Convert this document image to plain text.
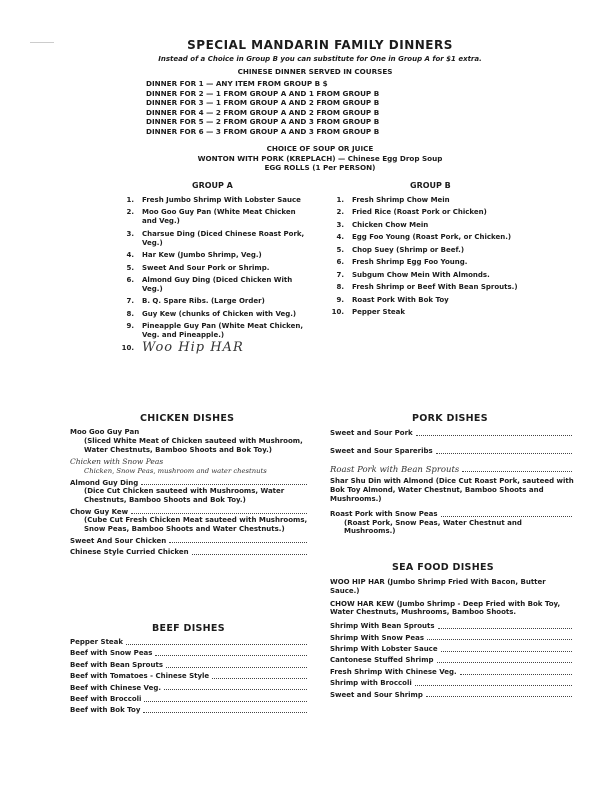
SPECIAL MANDARIN FAMILY DINNERS
Instead of a Choice in Group B you can substitute for One in Group A for $1 extra.
CHINESE DINNER SERVED IN COURSES
DINNER FOR 1 — ANY ITEM FROM GROUP B $
DINNER FOR 2 — 1 FROM GROUP A AND 1 FROM GROUP B
DINNER FOR 3 — 1 FROM GROUP A AND 2 FROM GROUP B
DINNER FOR 4 — 2 FROM GROUP A AND 2 FROM GROUP B
DINNER FOR 5 — 2 FROM GROUP A AND 3 FROM GROUP B
DINNER FOR 6 — 3 FROM GROUP A AND 3 FROM GROUP B
CHOICE OF SOUP OR JUICE
WONTON WITH PORK (KREPLACH) — Chinese Egg Drop Soup
EGG ROLLS (1 Per PERSON)
GROUP A
1.	Fresh Jumbo Shrimp With Lobster Sauce
2.	Moo Goo Guy Pan (White Meat Chicken and Veg.)
3.	Charsue Ding (Diced Chinese Roast Pork, Veg.)
4.	Har Kew (Jumbo Shrimp, Veg.)
5.	Sweet And Sour Pork or Shrimp.
6.	Almond Guy Ding (Diced Chicken With Veg.)
7.	B. Q. Spare Ribs. (Large Order)
8.	Guy Kew (chunks of Chicken with Veg.)
9.	Pineapple Guy Pan (White Meat Chicken, Veg. and Pineapple.)
10. Woo Hip HAR
GROUP B
1.	Fresh Shrimp Chow Mein
2.	Fried Rice (Roast Pork or Chicken)
3.	Chicken Chow Mein
4.	Egg Foo Young (Roast Pork, or Chicken.)
5.	Chop Suey (Shrimp or Beef.)
6.	Fresh Shrimp Egg Foo Young.
7.	Subgum Chow Mein With Almonds.
8.	Fresh Shrimp or Beef With Bean Sprouts.)
9.	Roast Pork With Bok Toy
10.	Pepper Steak
CHICKEN DISHES
Moo Goo Guy Pan
(Sliced White Meat of Chicken sauteed with Mushroom, Water Chestnuts, Bamboo Shoots and Bok Toy.)
Chicken with Snow Peas
Chicken, Snow Peas, mushroom and water chestnuts
Almond Guy Ding
(Dice Cut Chicken sauteed with Mushrooms, Water Chestnuts, Bamboo Shoots and Bok Toy.)
Chow Guy Kew
(Cube Cut Fresh Chicken Meat sauteed with Mushrooms, Snow Peas, Bamboo Shoots and Water Chestnuts.)
Sweet And Sour Chicken
Chinese Style Curried Chicken
BEEF DISHES
Pepper Steak
Beef with Snow Peas
Beef with Bean Sprouts
Beef with Tomatoes - Chinese Style
Beef with Chinese Veg.
Beef with Broccoli
Beef with Bok Toy
PORK DISHES
Sweet and Sour Pork
Sweet and Sour Spareribs
Roast Pork with Bean Sprouts
Shar Shu Din with Almond (Dice Cut Roast Pork, sauteed with Bok Toy Almond, Water Chestnut, Bamboo Shoots and Mushrooms.)
Roast Pork with Snow Peas
(Roast Pork, Snow Peas, Water Chestnut and Mushrooms.)
SEA FOOD DISHES
WOO HIP HAR (Jumbo Shrimp Fried With Bacon, Butter Sauce.)
CHOW HAR KEW (Jumbo Shrimp - Deep Fried with Bok Toy, Water Chestnuts, Mushrooms, Bamboo Shoots.
Shrimp With Bean Sprouts
Shrimp With Snow Peas
Shrimp With Lobster Sauce
Cantonese Stuffed Shrimp
Fresh Shrimp With Chinese Veg.
Shrimp with Broccoli
Sweet and Sour Shrimp
